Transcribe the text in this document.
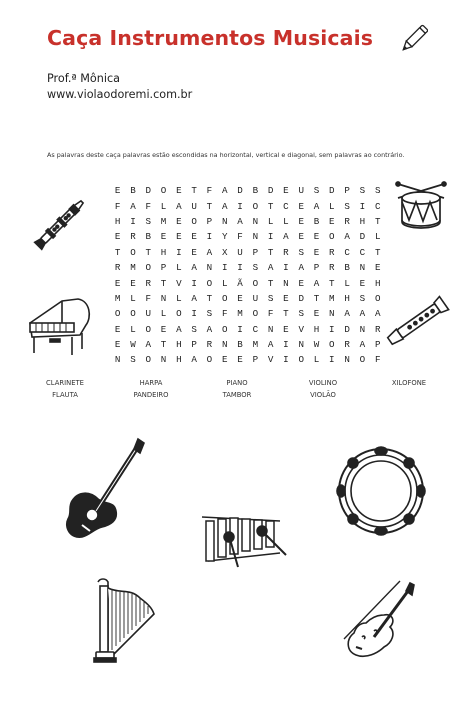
Caça Instrumentos Musicais
Prof.ª Mônica
www.violaodoremi.com.br
As palavras deste caça palavras estão escondidas na horizontal, vertical e diagonal, sem palavras ao contrário.
E	B	D	O	E	T	F	A	D	B	D	E	U	S	D	P	S	S
F	A	F	L	A	U	T	A	I	O	T	C	E	A	L	S	I	C
H	I	S	M	E	O	P	N	A	N	L	L	E	B	E	R	H	T
E	R	B	E	E	E	I	Y	F	N	I	A	E	E	O	A	D	L
T	O	T	H	I	E	A	X	U	P	T	R	S	E	R	C	C	T
R	M	O	P	L	A	N	I	I	S	A	I	A	P	R	B	N	E
E	E	R	T	V	I	O	L	Ã	O	T	N	E	A	T	L	E	H
M	L	F	N	L	A	T	O	E	U	S	E	D	T	M	H	S	O
O	O	U	L	O	I	S	F	M	O	F	T	S	E	N	A	A	A
E	L	O	E	A	S	A	O	I	C	N	E	V	H	I	D	N	R
E	W	A	T	H	P	R	N	B	M	A	I	N	W	O	R	A	P
N	S	O	N	H	A	O	E	E	P	V	I	O	L	I	N	O	F
CLARINETE
FLAUTA
HARPA
PANDEIRO
PIANO
TAMBOR
VIOLINO
VIOLÃO
XILOFONE
